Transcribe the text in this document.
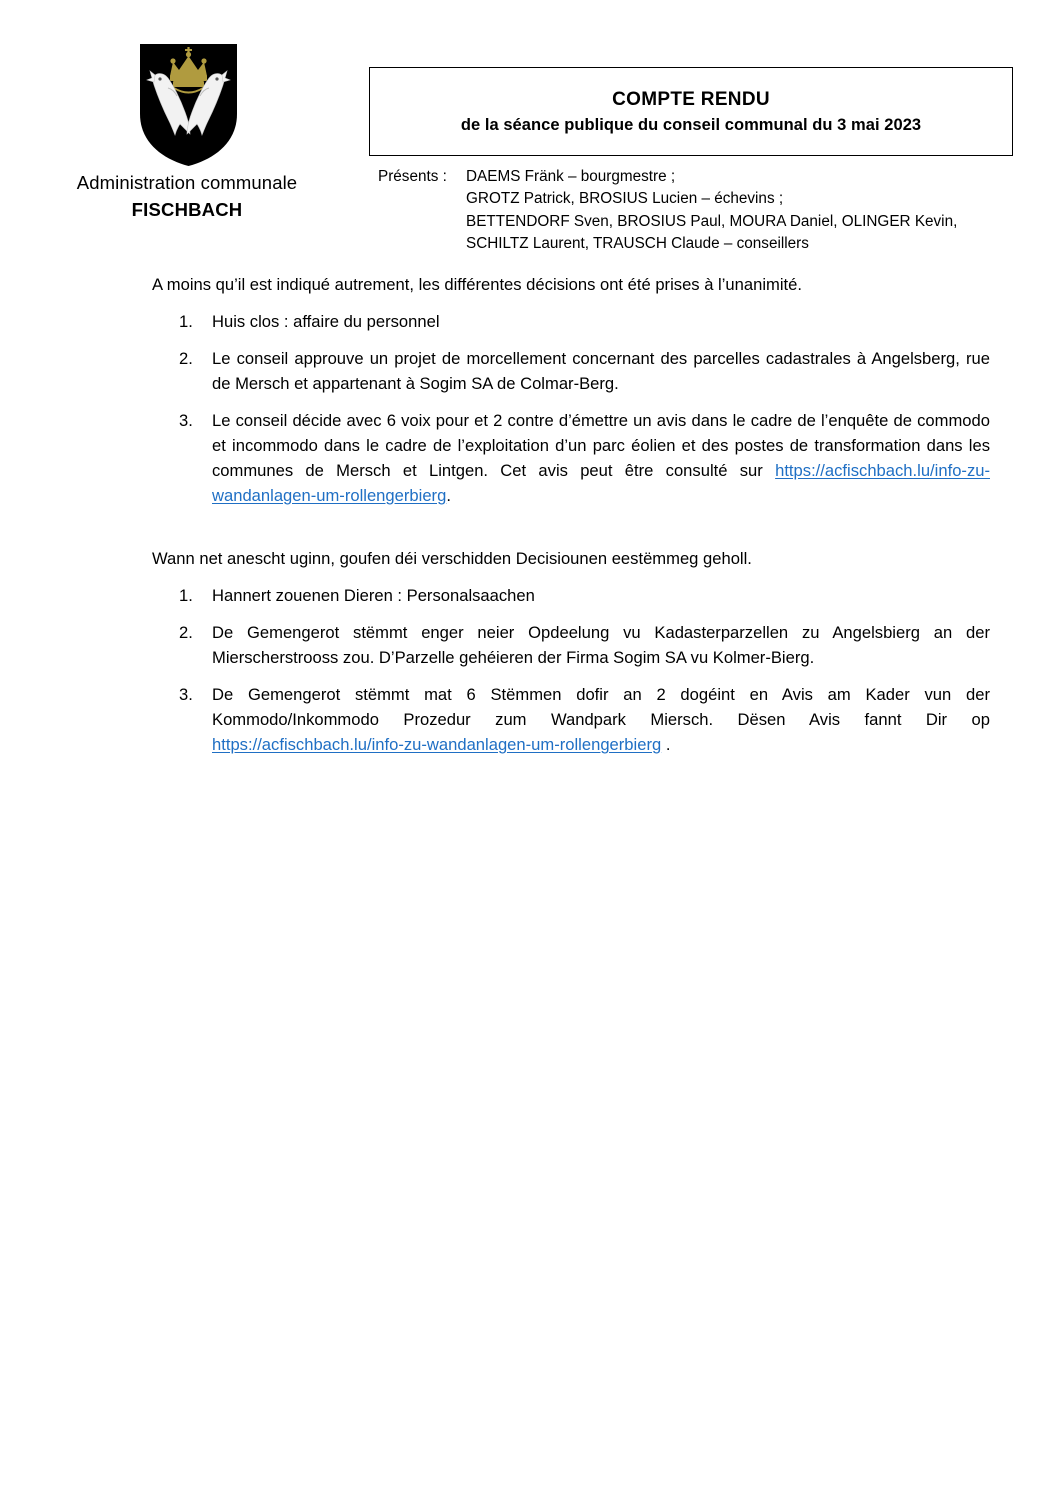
Administration communale
FISCHBACH
COMPTE RENDU
de la séance publique du conseil communal du 3 mai 2023
Présents :	DAEMS Fränk – bourgmestre ;
GROTZ Patrick, BROSIUS Lucien – échevins ;
BETTENDORF Sven, BROSIUS Paul, MOURA Daniel, OLINGER Kevin,
SCHILTZ Laurent, TRAUSCH Claude – conseillers

A moins qu’il est indiqué autrement, les différentes décisions ont été prises à l’unanimité.

1.	Huis clos : affaire du personnel
2.	Le conseil approuve un projet de morcellement concernant des parcelles cadastrales à Angelsberg, rue de Mersch et appartenant à Sogim SA de Colmar-Berg.
3.	Le conseil décide avec 6 voix pour et 2 contre d’émettre un avis dans le cadre de l’enquête de commodo et incommodo dans le cadre de l’exploitation d’un parc éolien et des postes de transformation dans les communes de Mersch et Lintgen. Cet avis peut être consulté sur https://acfischbach.lu/info-zu-wandanlagen-um-rollengerbierg.

Wann net anescht uginn, goufen déi verschidden Decisiounen eestëmmeg geholl.

1.	Hannert zouenen Dieren : Personalsaachen
2.	De Gemengerot stëmmt enger neier Opdeelung vu Kadasterparzellen zu Angelsbierg an der Mierscherstrooss zou. D’Parzelle gehéieren der Firma Sogim SA vu Kolmer-Bierg.
3.	De Gemengerot stëmmt mat 6 Stëmmen dofir an 2 dogéint en Avis am Kader vun der Kommodo/Inkommodo Prozedur zum Wandpark Miersch. Dësen Avis fannt Dir op https://acfischbach.lu/info-zu-wandanlagen-um-rollengerbierg .
